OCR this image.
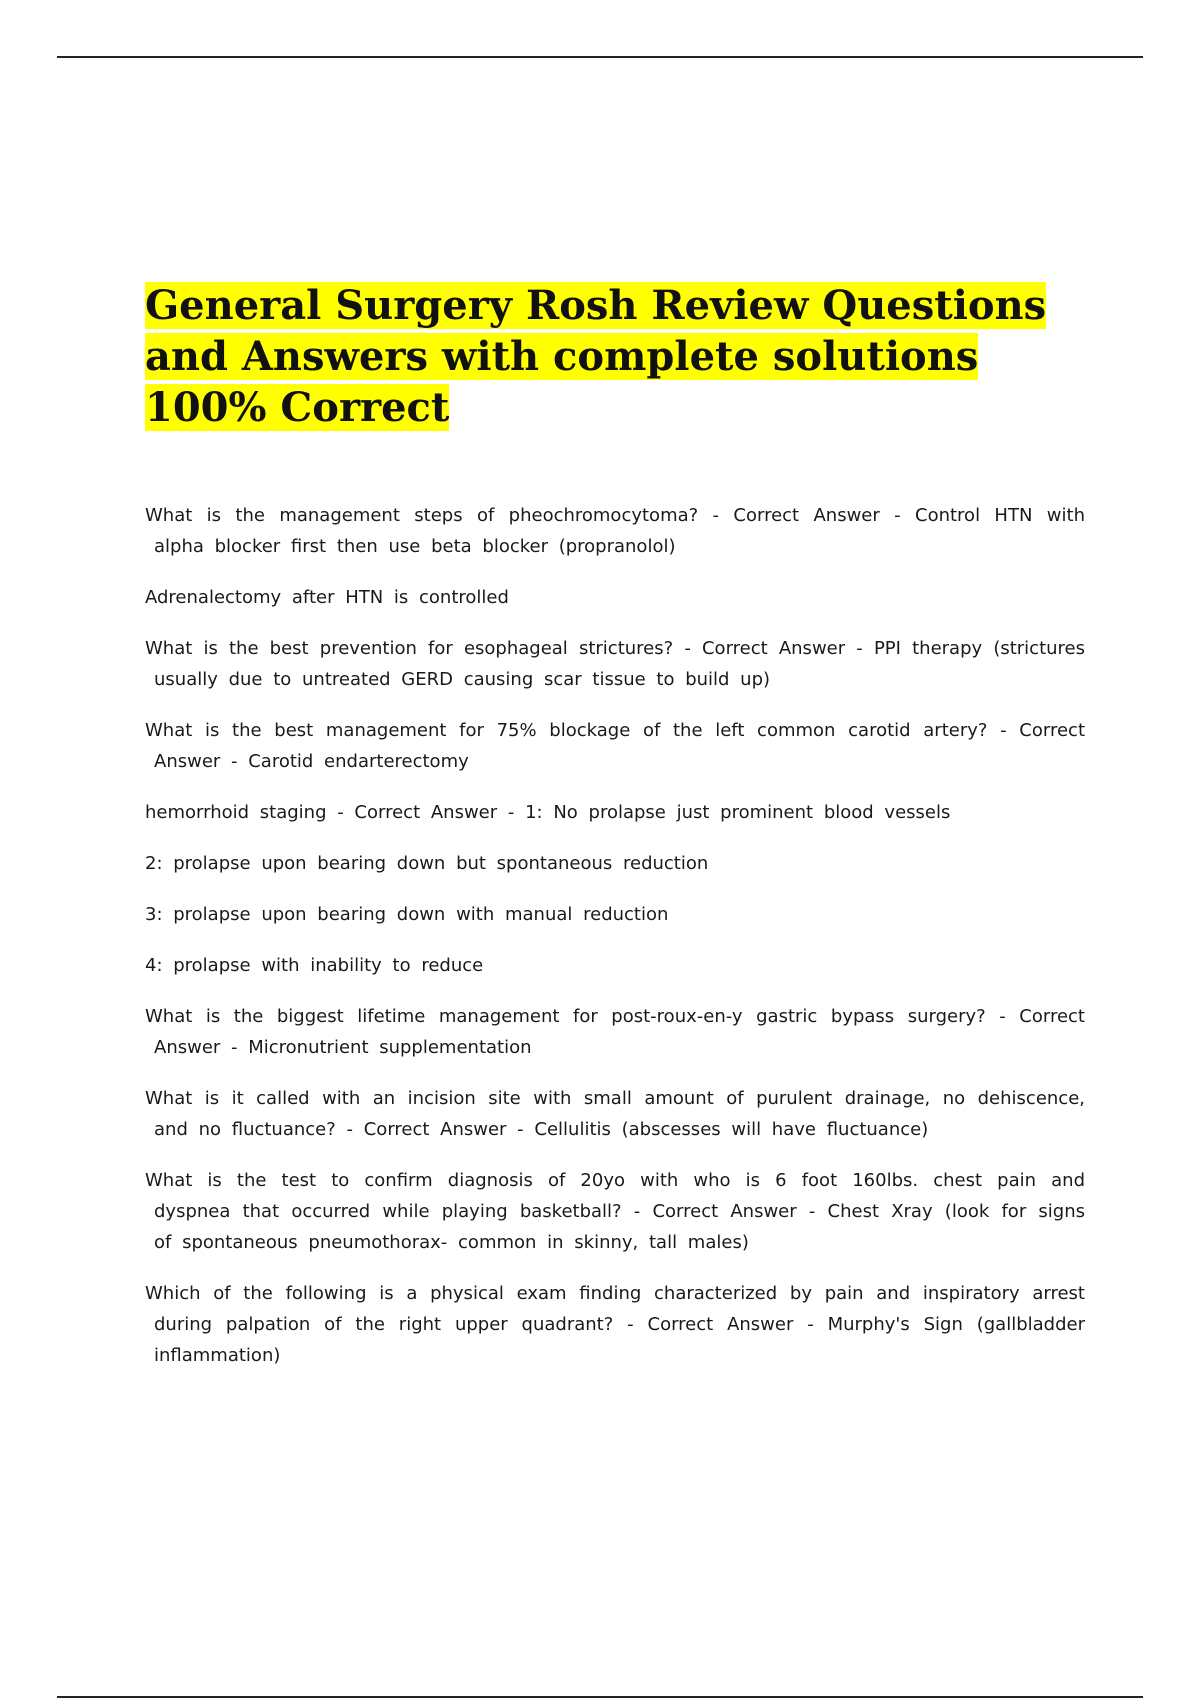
General Surgery Rosh Review Questions and Answers with complete solutions 100% Correct

What is the management steps of pheochromocytoma? - Correct Answer - Control HTN with alpha blocker first then use beta blocker (propranolol)

Adrenalectomy after HTN is controlled

What is the best prevention for esophageal strictures? - Correct Answer - PPI therapy (strictures usually due to untreated GERD causing scar tissue to build up)

What is the best management for 75% blockage of the left common carotid artery? - Correct Answer - Carotid endarterectomy

hemorrhoid staging - Correct Answer - 1: No prolapse just prominent blood vessels

2: prolapse upon bearing down but spontaneous reduction

3: prolapse upon bearing down with manual reduction

4: prolapse with inability to reduce

What is the biggest lifetime management for post-roux-en-y gastric bypass surgery? - Correct Answer - Micronutrient supplementation

What is it called with an incision site with small amount of purulent drainage, no dehiscence, and no fluctuance? - Correct Answer - Cellulitis (abscesses will have fluctuance)

What is the test to confirm diagnosis of 20yo with who is 6 foot 160lbs. chest pain and dyspnea that occurred while playing basketball? - Correct Answer - Chest Xray (look for signs of spontaneous pneumothorax- common in skinny, tall males)

Which of the following is a physical exam finding characterized by pain and inspiratory arrest during palpation of the right upper quadrant? - Correct Answer - Murphy's Sign (gallbladder inflammation)
